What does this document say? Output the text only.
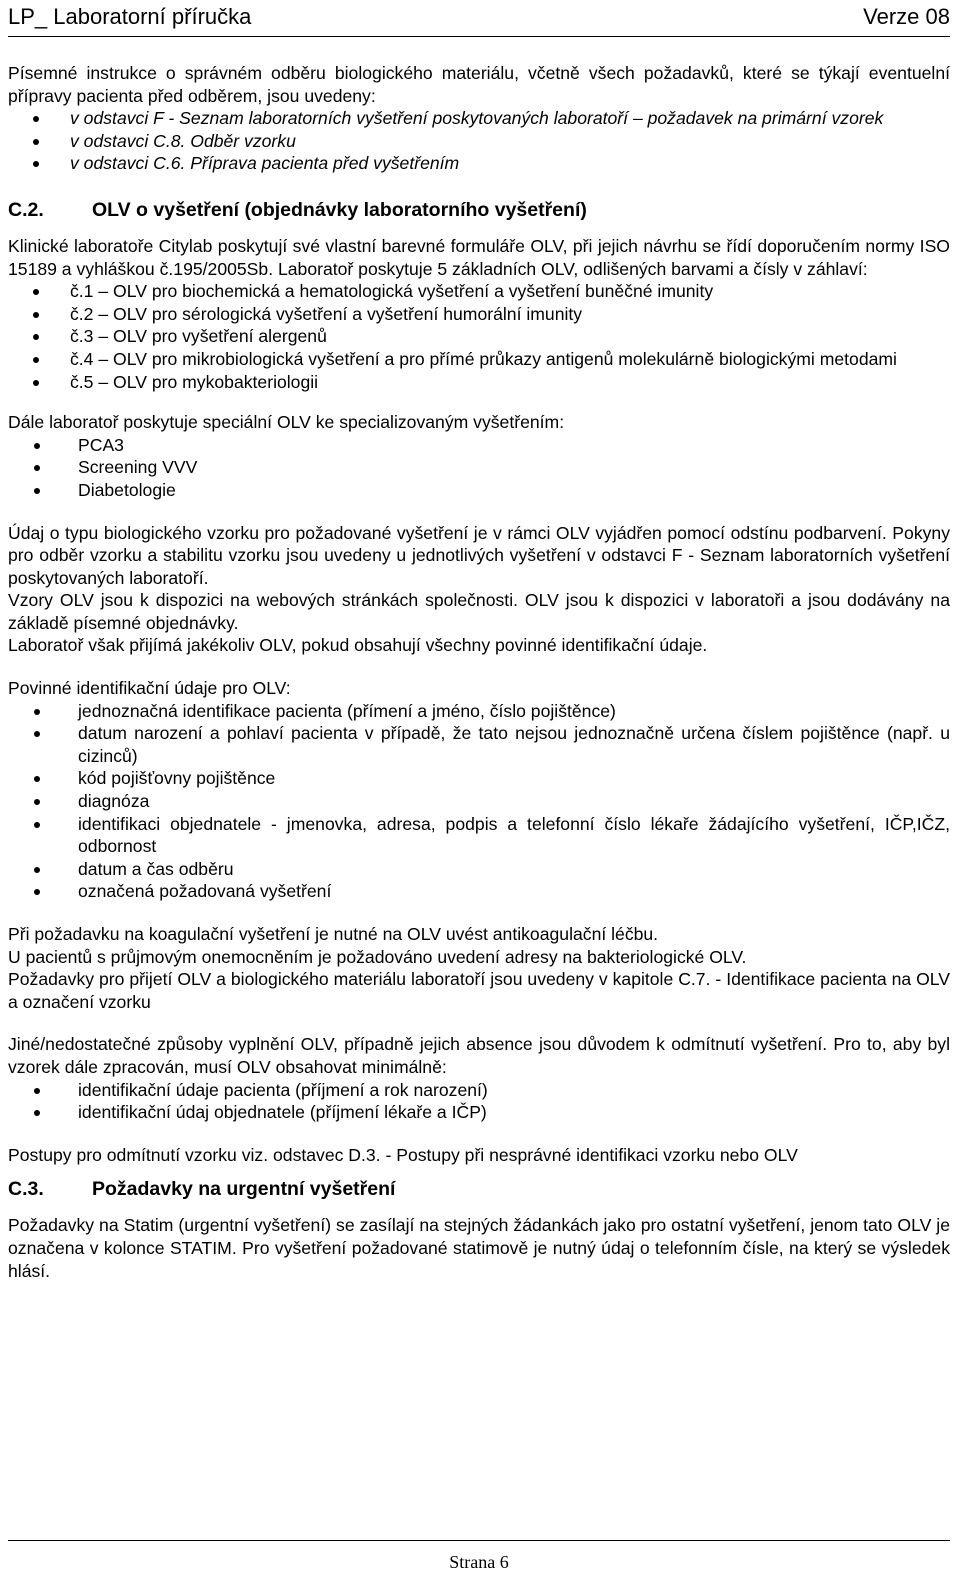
LP_ Laboratorní příručka	Verze 08

Písemné instrukce o správném odběru biologického materiálu, včetně všech požadavků, které se týkají eventuelní přípravy pacienta před odběrem, jsou uvedeny:

v odstavci F - Seznam laboratorních vyšetření poskytovaných laboratoří – požadavek na primární vzorek
v odstavci C.8. Odběr vzorku
v odstavci C.6. Příprava pacienta před vyšetřením
C.2. OLV o vyšetření (objednávky laboratorního vyšetření)

Klinické laboratoře Citylab poskytují své vlastní barevné formuláře OLV, při jejich návrhu se řídí doporučením normy ISO 15189 a vyhláškou č.195/2005Sb. Laboratoř poskytuje 5 základních OLV, odlišených barvami a čísly v záhlaví:

č.1 – OLV pro biochemická a hematologická vyšetření a vyšetření buněčné imunity
č.2 – OLV pro sérologická vyšetření a vyšetření humorální imunity
č.3 – OLV pro vyšetření alergenů
č.4 – OLV pro mikrobiologická vyšetření a pro přímé průkazy antigenů molekulárně biologickými metodami
č.5 – OLV pro mykobakteriologii

Dále laboratoř poskytuje speciální OLV ke specializovaným vyšetřením:

PCA3
Screening VVV
Diabetologie

Údaj o typu biologického vzorku pro požadované vyšetření je v rámci OLV vyjádřen pomocí odstínu podbarvení. Pokyny pro odběr vzorku a stabilitu vzorku jsou uvedeny u jednotlivých vyšetření v odstavci F - Seznam laboratorních vyšetření poskytovaných laboratoří.

Vzory OLV jsou k dispozici na webových stránkách společnosti. OLV jsou k dispozici v laboratoři a jsou dodávány na základě písemné objednávky.

Laboratoř však přijímá jakékoliv OLV, pokud obsahují všechny povinné identifikační údaje.

Povinné identifikační údaje pro OLV:

jednoznačná identifikace pacienta (přímení a jméno, číslo pojištěnce)
datum narození a pohlaví pacienta v případě, že tato nejsou jednoznačně určena číslem pojištěnce (např. u cizinců)
kód pojišťovny pojištěnce
diagnóza
identifikaci objednatele - jmenovka, adresa, podpis a telefonní číslo lékaře žádajícího vyšetření, IČP,IČZ, odbornost
datum a čas odběru
označená požadovaná vyšetření

Při požadavku na koagulační vyšetření je nutné na OLV uvést antikoagulační léčbu.

U pacientů s průjmovým onemocněním je požadováno uvedení adresy na bakteriologické OLV.

Požadavky pro přijetí OLV a biologického materiálu laboratoří jsou uvedeny v kapitole C.7. - Identifikace pacienta na OLV a označení vzorku

Jiné/nedostatečné způsoby vyplnění OLV, případně jejich absence jsou důvodem k odmítnutí vyšetření. Pro to, aby byl vzorek dále zpracován, musí OLV obsahovat minimálně:

identifikační údaje pacienta (příjmení a rok narození)
identifikační údaj objednatele (příjmení lékaře a IČP)

Postupy pro odmítnutí vzorku viz. odstavec D.3. - Postupy při nesprávné identifikaci vzorku nebo OLV

C.3. Požadavky na urgentní vyšetření

Požadavky na Statim (urgentní vyšetření) se zasílají na stejných žádankách jako pro ostatní vyšetření, jenom tato OLV je označena v kolonce STATIM. Pro vyšetření požadované statimově je nutný údaj o telefonním čísle, na který se výsledek hlásí.

Strana 6
